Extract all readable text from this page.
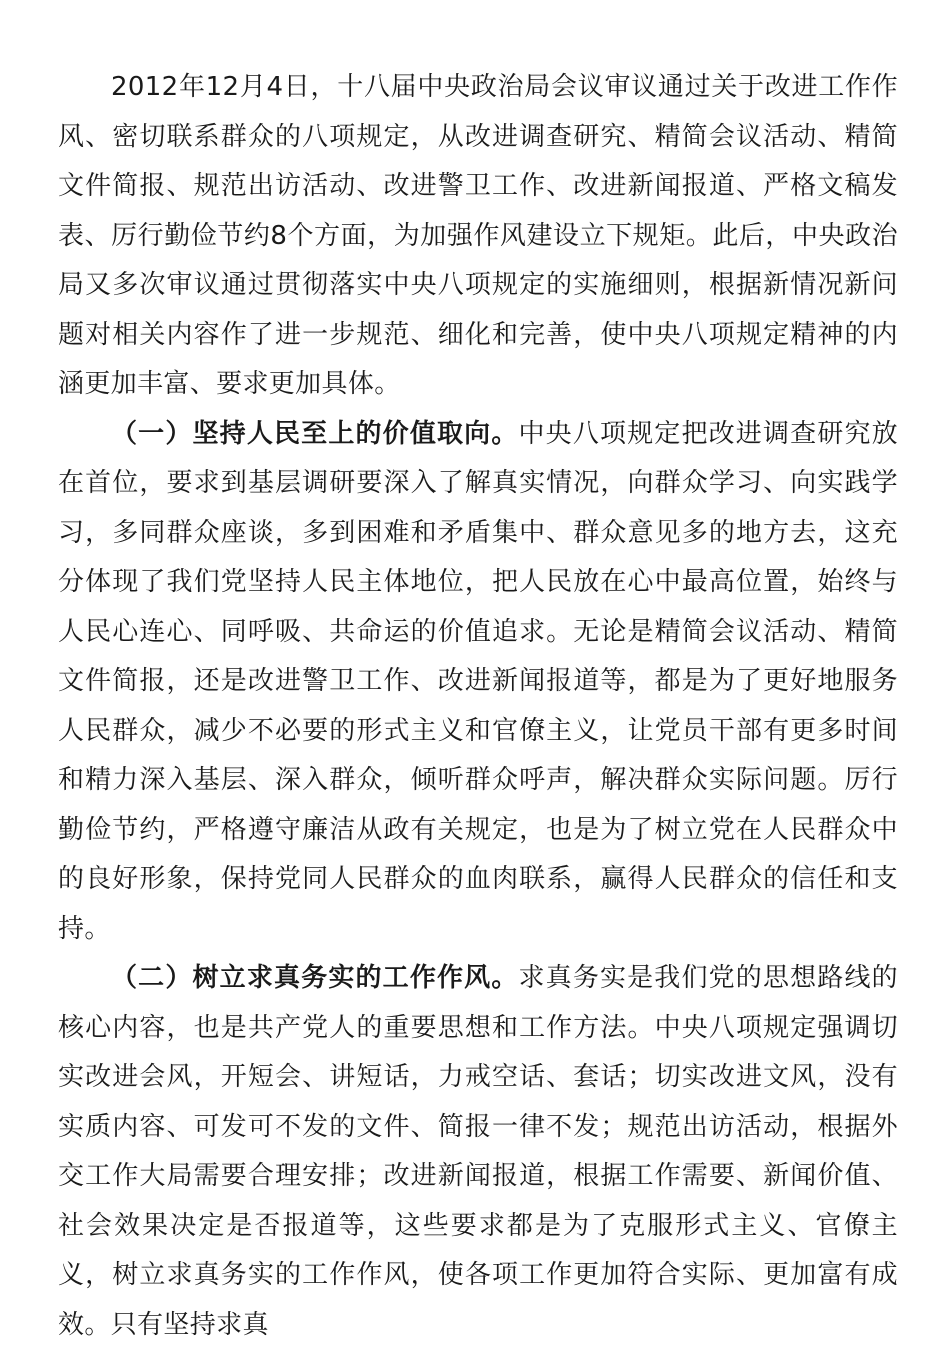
2012年12月4日，十八届中央政治局会议审议通过关于改进工作作风、密切联系群众的八项规定，从改进调查研究、精简会议活动、精简文件简报、规范出访活动、改进警卫工作、改进新闻报道、严格文稿发表、厉行勤俭节约8个方面，为加强作风建设立下规矩。此后，中央政治局又多次审议通过贯彻落实中央八项规定的实施细则，根据新情况新问题对相关内容作了进一步规范、细化和完善，使中央八项规定精神的内涵更加丰富、要求更加具体。

（一）坚持人民至上的价值取向。中央八项规定把改进调查研究放在首位，要求到基层调研要深入了解真实情况，向群众学习、向实践学习，多同群众座谈，多到困难和矛盾集中、群众意见多的地方去，这充分体现了我们党坚持人民主体地位，把人民放在心中最高位置，始终与人民心连心、同呼吸、共命运的价值追求。无论是精简会议活动、精简文件简报，还是改进警卫工作、改进新闻报道等，都是为了更好地服务人民群众，减少不必要的形式主义和官僚主义，让党员干部有更多时间和精力深入基层、深入群众，倾听群众呼声，解决群众实际问题。厉行勤俭节约，严格遵守廉洁从政有关规定，也是为了树立党在人民群众中的良好形象，保持党同人民群众的血肉联系，赢得人民群众的信任和支持。

（二）树立求真务实的工作作风。求真务实是我们党的思想路线的核心内容，也是共产党人的重要思想和工作方法。中央八项规定强调切实改进会风，开短会、讲短话，力戒空话、套话；切实改进文风，没有实质内容、可发可不发的文件、简报一律不发；规范出访活动，根据外交工作大局需要合理安排；改进新闻报道，根据工作需要、新闻价值、社会效果决定是否报道等，这些要求都是为了克服形式主义、官僚主义，树立求真务实的工作作风，使各项工作更加符合实际、更加富有成效。只有坚持求真
